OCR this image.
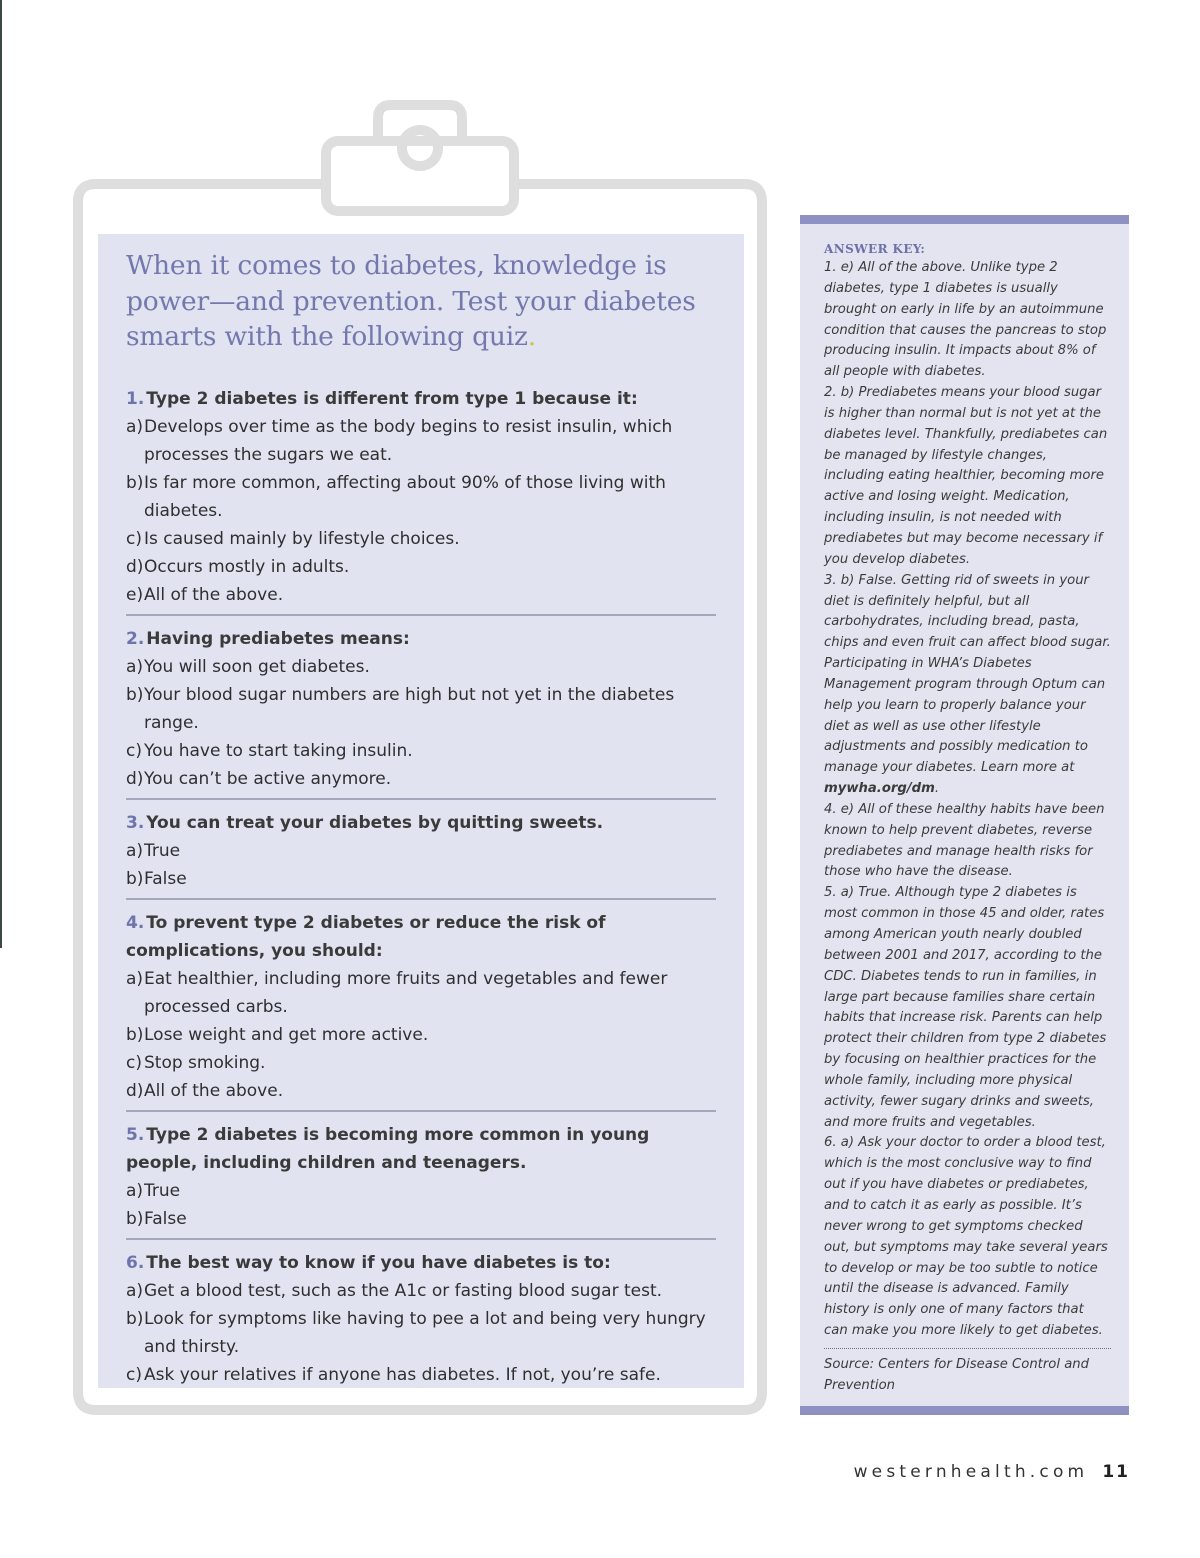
When it comes to diabetes, knowledge is power—and prevention. Test your diabetes smarts with the following quiz.
1. Type 2 diabetes is different from type 1 because it:
a)Develops over time as the body begins to resist insulin, which processes the sugars we eat.
b)Is far more common, affecting about 90% of those living with diabetes.
c) Is caused mainly by lifestyle choices.
d)Occurs mostly in adults.
e)All of the above.
2. Having prediabetes means:
a)You will soon get diabetes.
b)Your blood sugar numbers are high but not yet in the diabetes range.
c) You have to start taking insulin.
d)You can’t be active anymore.
3. You can treat your diabetes by quitting sweets.
a)True
b)False
4. To prevent type 2 diabetes or reduce the risk of complications, you should:
a)Eat healthier, including more fruits and vegetables and fewer processed carbs.
b)Lose weight and get more active.
c) Stop smoking.
d)All of the above.
5. Type 2 diabetes is becoming more common in young people, including children and teenagers.
a)True
b)False
6. The best way to know if you have diabetes is to:
a)Get a blood test, such as the A1c or fasting blood sugar test.
b)Look for symptoms like having to pee a lot and being very hungry and thirsty.
c) Ask your relatives if anyone has diabetes. If not, you’re safe.
ANSWER KEY:
1. e) All of the above. Unlike type 2 diabetes, type 1 diabetes is usually brought on early in life by an autoimmune condition that causes the pancreas to stop producing insulin. It impacts about 8% of all people with diabetes.
2. b) Prediabetes means your blood sugar is higher than normal but is not yet at the diabetes level. Thankfully, prediabetes can be managed by lifestyle changes, including eating healthier, becoming more active and losing weight. Medication, including insulin, is not needed with prediabetes but may become necessary if you develop diabetes.
3. b) False. Getting rid of sweets in your diet is definitely helpful, but all carbohydrates, including bread, pasta, chips and even fruit can affect blood sugar. Participating in WHA’s Diabetes Management program through Optum can help you learn to properly balance your diet as well as use other lifestyle adjustments and possibly medication to manage your diabetes. Learn more at mywha.org/dm.
4. e) All of these healthy habits have been known to help prevent diabetes, reverse prediabetes and manage health risks for those who have the disease.
5. a) True. Although type 2 diabetes is most common in those 45 and older, rates among American youth nearly doubled between 2001 and 2017, according to the CDC. Diabetes tends to run in families, in large part because families share certain habits that increase risk. Parents can help protect their children from type 2 diabetes by focusing on healthier practices for the whole family, including more physical activity, fewer sugary drinks and sweets, and more fruits and vegetables.
6. a) Ask your doctor to order a blood test, which is the most conclusive way to find out if you have diabetes or prediabetes, and to catch it as early as possible. It’s never wrong to get symptoms checked out, but symptoms may take several years to develop or may be too subtle to notice until the disease is advanced. Family history is only one of many factors that can make you more likely to get diabetes.
Source: Centers for Disease Control and Prevention
westernhealth.com 11
